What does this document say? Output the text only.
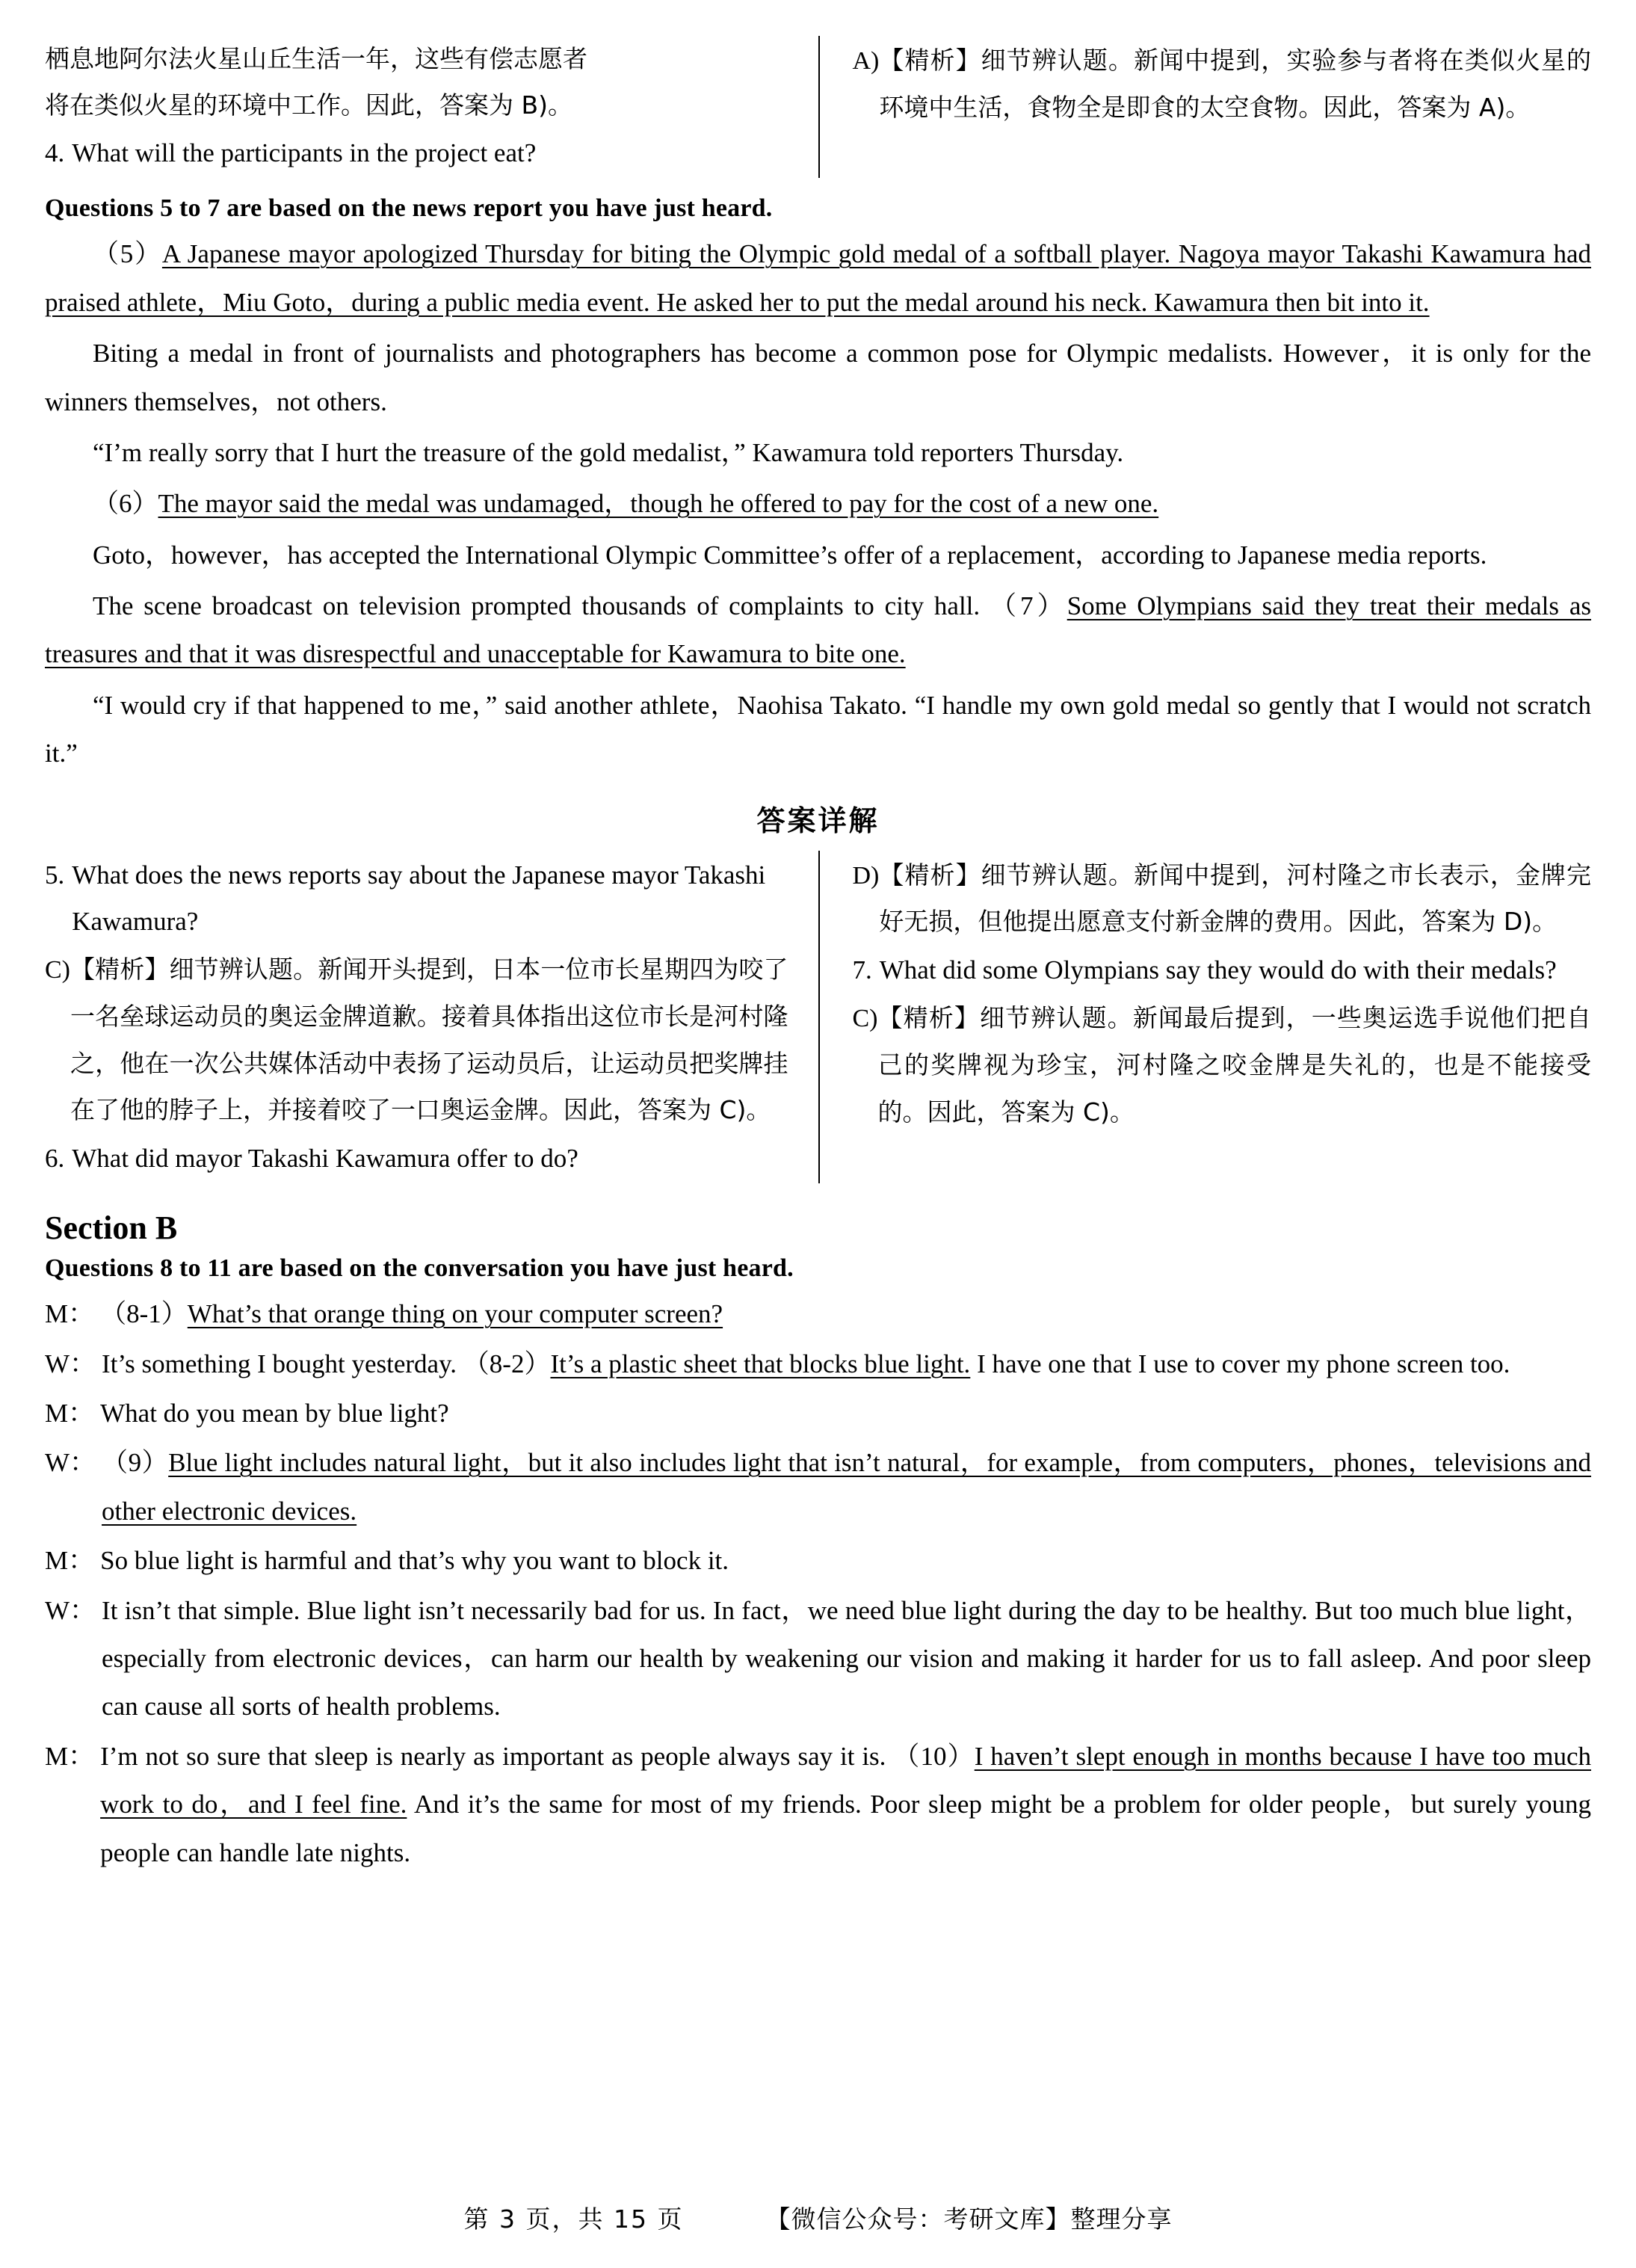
栖息地阿尔法火星山丘生活一年，这些有偿志愿者
将在类似火星的环境中工作。因此，答案为 B)。
4. What will the participants in the project eat?
A) 【精析】细节辨认题。新闻中提到，实验参与者将在类似火星的环境中生活，食物全是即食的太空食物。因此，答案为 A)。
Questions 5 to 7 are based on the news report you have just heard.

（5）A Japanese mayor apologized Thursday for biting the Olympic gold medal of a softball player. Nagoya mayor Takashi Kawamura had praised athlete，Miu Goto，during a public media event. He asked her to put the medal around his neck. Kawamura then bit into it.

Biting a medal in front of journalists and photographers has become a common pose for Olympic medalists. However，it is only for the winners themselves，not others.

“I’m really sorry that I hurt the treasure of the gold medalist，” Kawamura told reporters Thursday.

（6）The mayor said the medal was undamaged，though he offered to pay for the cost of a new one.

Goto，however，has accepted the International Olympic Committee’s offer of a replacement，according to Japanese media reports.

The scene broadcast on television prompted thousands of complaints to city hall. （7）Some Olympians said they treat their medals as treasures and that it was disrespectful and unacceptable for Kawamura to bite one.

“I would cry if that happened to me，” said another athlete，Naohisa Takato. “I handle my own gold medal so gently that I would not scratch it.”

答案详解
5. What does the news reports say about the Japanese mayor Takashi Kawamura?
C) 【精析】细节辨认题。新闻开头提到，日本一位市长星期四为咬了一名垒球运动员的奥运金牌道歉。接着具体指出这位市长是河村隆之，他在一次公共媒体活动中表扬了运动员后，让运动员把奖牌挂在了他的脖子上，并接着咬了一口奥运金牌。因此，答案为 C)。
6. What did mayor Takashi Kawamura offer to do?
D) 【精析】细节辨认题。新闻中提到，河村隆之市长表示，金牌完好无损，但他提出愿意支付新金牌的费用。因此，答案为 D)。
7. What did some Olympians say they would do with their medals?
C) 【精析】细节辨认题。新闻最后提到，一些奥运选手说他们把自己的奖牌视为珍宝，河村隆之咬金牌是失礼的，也是不能接受的。因此，答案为 C)。
Section B
Questions 8 to 11 are based on the conversation you have just heard.
M： （8-1）What’s that orange thing on your computer screen?
W： It’s something I bought yesterday. （8-2）It’s a plastic sheet that blocks blue light. I have one that I use to cover my phone screen too.
M： What do you mean by blue light?
W： （9）Blue light includes natural light，but it also includes light that isn’t natural，for example，from computers，phones，televisions and other electronic devices.
M： So blue light is harmful and that’s why you want to block it.
W： It isn’t that simple. Blue light isn’t necessarily bad for us. In fact，we need blue light during the day to be healthy. But too much blue light，especially from electronic devices，can harm our health by weakening our vision and making it harder for us to fall asleep. And poor sleep can cause all sorts of health problems.
M： I’m not so sure that sleep is nearly as important as people always say it is. （10）I haven’t slept enough in months because I have too much work to do，and I feel fine. And it’s the same for most of my friends. Poor sleep might be a problem for older people，but surely young people can handle late nights.
第 3 页，共 15 页	【微信公众号：考研文库】整理分享
